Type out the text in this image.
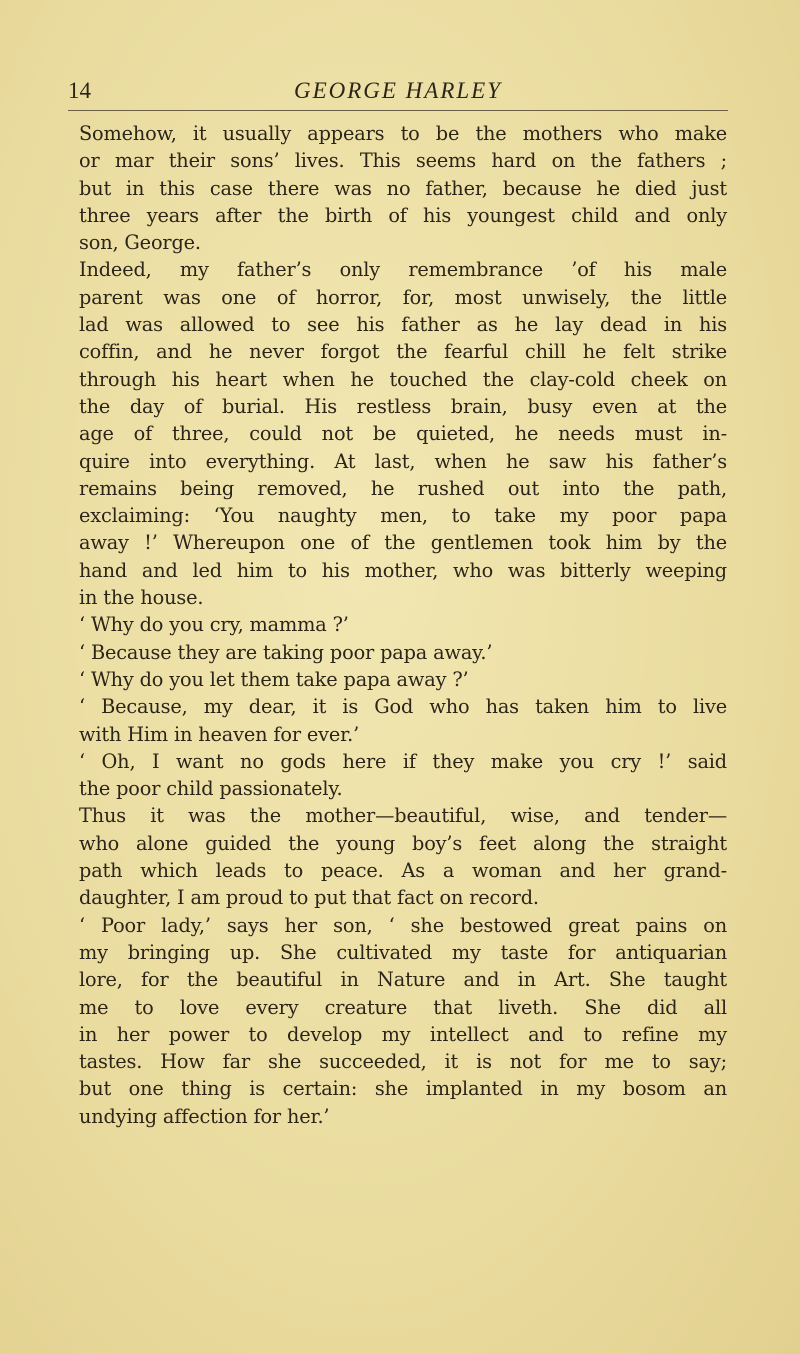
14	GEORGE HARLEY
Somehow, it usually appears to be the mothers who make
or mar their sons’ lives. This seems hard on the fathers ;
but in this case there was no father, because he died just
three years after the birth of his youngest child and only
son, George.
Indeed, my father’s only remembrance ’of his male
parent was one of horror, for, most unwisely, the little
lad was allowed to see his father as he lay dead in his
coffin, and he never forgot the fearful chill he felt strike
through his heart when he touched the clay-cold cheek on
the day of burial. His restless brain, busy even at the
age of three, could not be quieted, he needs must in-
quire into everything. At last, when he saw his father’s
remains being removed, he rushed out into the path,
exclaiming: ‘You naughty men, to take my poor papa
away !’ Whereupon one of the gentlemen took him by the
hand and led him to his mother, who was bitterly weeping
in the house.
‘ Why do you cry, mamma ?’
‘ Because they are taking poor papa away.’
‘ Why do you let them take papa away ?’
‘ Because, my dear, it is God who has taken him to live
with Him in heaven for ever.’
‘ Oh, I want no gods here if they make you cry !’ said
the poor child passionately.
Thus it was the mother—beautiful, wise, and tender—
who alone guided the young boy’s feet along the straight
path which leads to peace. As a woman and her grand-
daughter, I am proud to put that fact on record.
‘ Poor lady,’ says her son, ‘ she bestowed great pains on
my bringing up. She cultivated my taste for antiquarian
lore, for the beautiful in Nature and in Art. She taught
me to love every creature that liveth. She did all
in her power to develop my intellect and to refine my
tastes. How far she succeeded, it is not for me to say;
but one thing is certain: she implanted in my bosom an
undying affection for her.’
